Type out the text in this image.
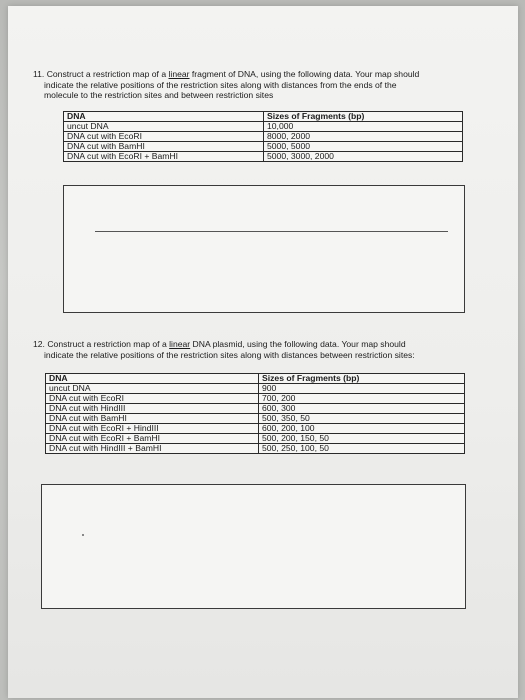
11. Construct a restriction map of a linear fragment of DNA, using the following data. Your map should
indicate the relative positions of the restriction sites along with distances from the ends of the
molecule to the restriction sites and between restriction sites
DNA	Sizes of Fragments (bp)
uncut DNA	10,000
DNA cut with EcoRI	8000, 2000
DNA cut with BamHI	5000, 5000
DNA cut with EcoRI + BamHI	5000, 3000, 2000
12. Construct a restriction map of a linear DNA plasmid, using the following data. Your map should
indicate the relative positions of the restriction sites along with distances between restriction sites:
DNA	Sizes of Fragments (bp)
uncut DNA	900
DNA cut with EcoRI	700, 200
DNA cut with HindIII	600, 300
DNA cut with BamHI	500, 350, 50
DNA cut with EcoRI + HindIII	600, 200, 100
DNA cut with EcoRI + BamHI	500, 200, 150, 50
DNA cut with HindIII + BamHI	500, 250, 100, 50
